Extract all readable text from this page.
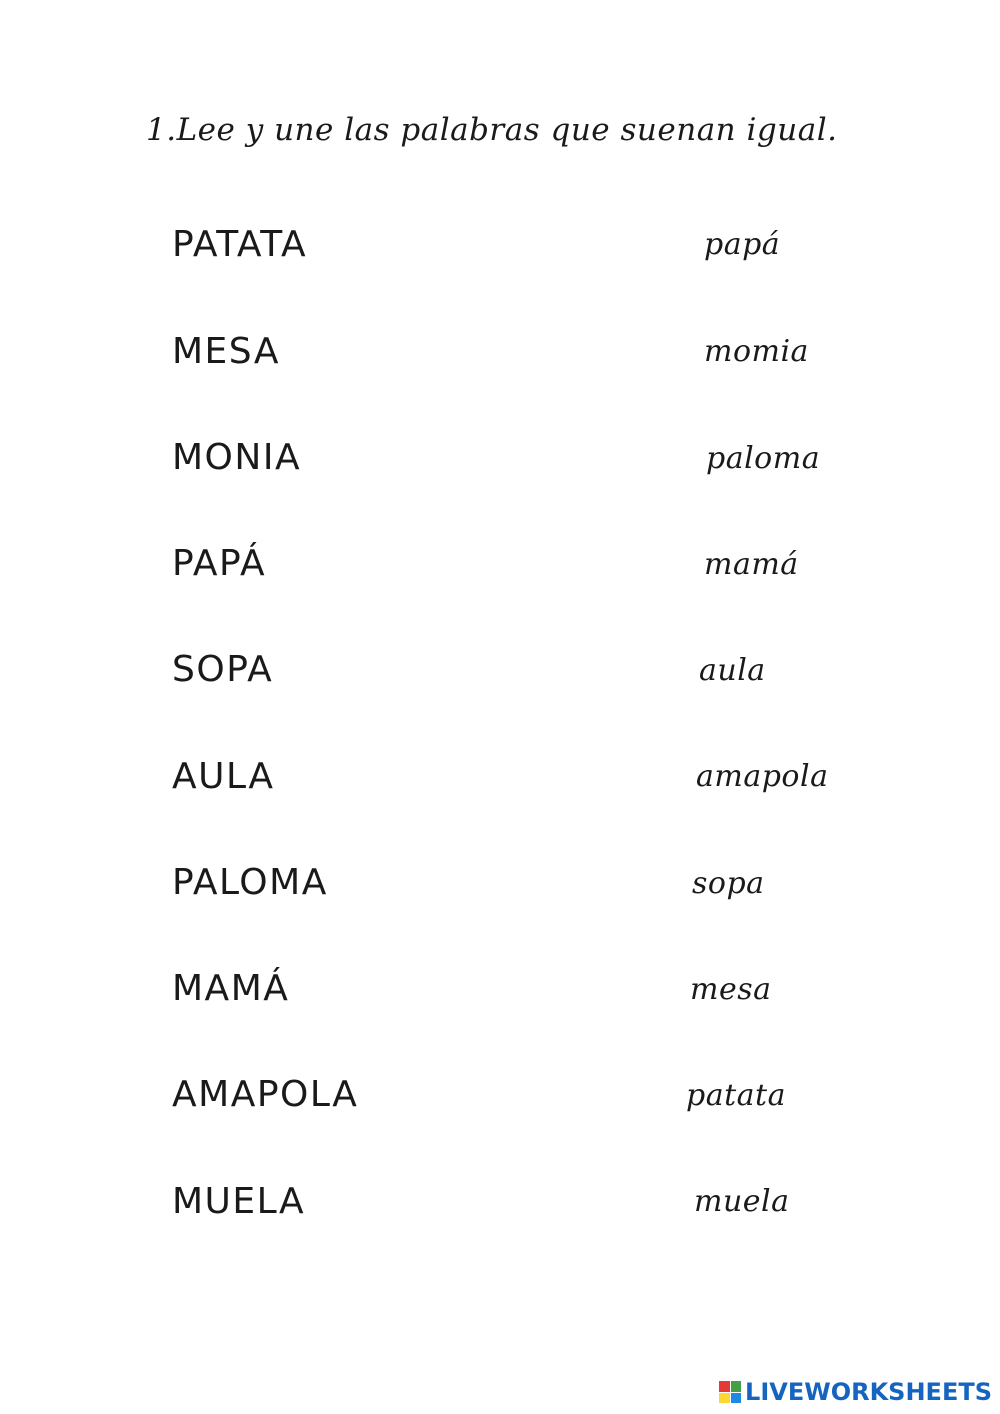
1.Lee y une las palabras que suenan igual.
PATATA
MESA
MONIA
PAPÁ
SOPA
AULA
PALOMA
MAMÁ
AMAPOLA
MUELA
papá
momia
paloma
mamá
aula
amapola
sopa
mesa
patata
muela
LIVEWORKSHEETS
